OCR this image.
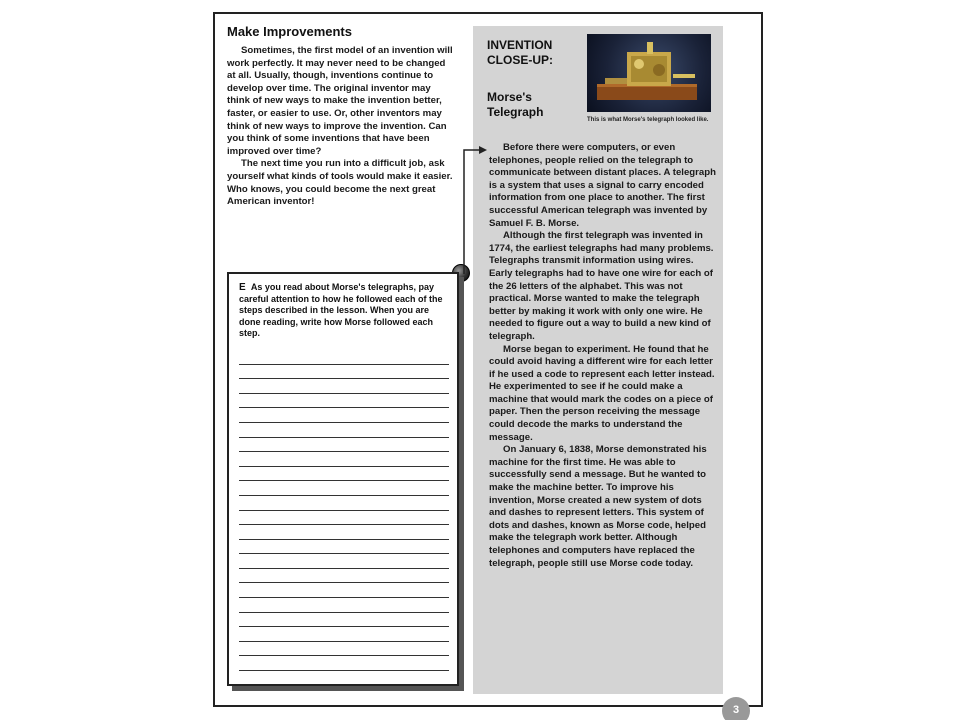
Make Improvements

Sometimes, the first model of an invention will work perfectly. It may never need to be changed at all. Usually, though, inventions continue to develop over time. The original inventor may think of new ways to make the invention better, faster, or easier to use. Or, other inventors may think of new ways to improve the invention. Can you think of some inventions that have been improved over time?

The next time you run into a difficult job, ask yourself what kinds of tools would make it easier. Who knows, you could become the next great American inventor!

E As you read about Morse's telegraphs, pay careful attention to how he followed each of the steps described in the lesson. When you are done reading, write how Morse followed each step.
INVENTION CLOSE-UP:
Morse's Telegraph
This is what Morse's telegraph looked like.

Before there were computers, or even telephones, people relied on the telegraph to communicate between distant places. A telegraph is a system that uses a signal to carry encoded information from one place to another. The first successful American telegraph was invented by Samuel F. B. Morse.

Although the first telegraph was invented in 1774, the earliest telegraphs had many problems. Telegraphs transmit information using wires. Early telegraphs had to have one wire for each of the 26 letters of the alphabet. This was not practical. Morse wanted to make the telegraph better by making it work with only one wire. He needed to figure out a way to build a new kind of telegraph.

Morse began to experiment. He found that he could avoid having a different wire for each letter if he used a code to represent each letter instead. He experimented to see if he could make a machine that would mark the codes on a piece of paper. Then the person receiving the message could decode the marks to understand the message.

On January 6, 1838, Morse demonstrated his machine for the first time. He was able to successfully send a message. But he wanted to make the machine better. To improve his invention, Morse created a new system of dots and dashes to represent letters. This system of dots and dashes, known as Morse code, helped make the telegraph work better. Although telephones and computers have replaced the telegraph, people still use Morse code today.

3
